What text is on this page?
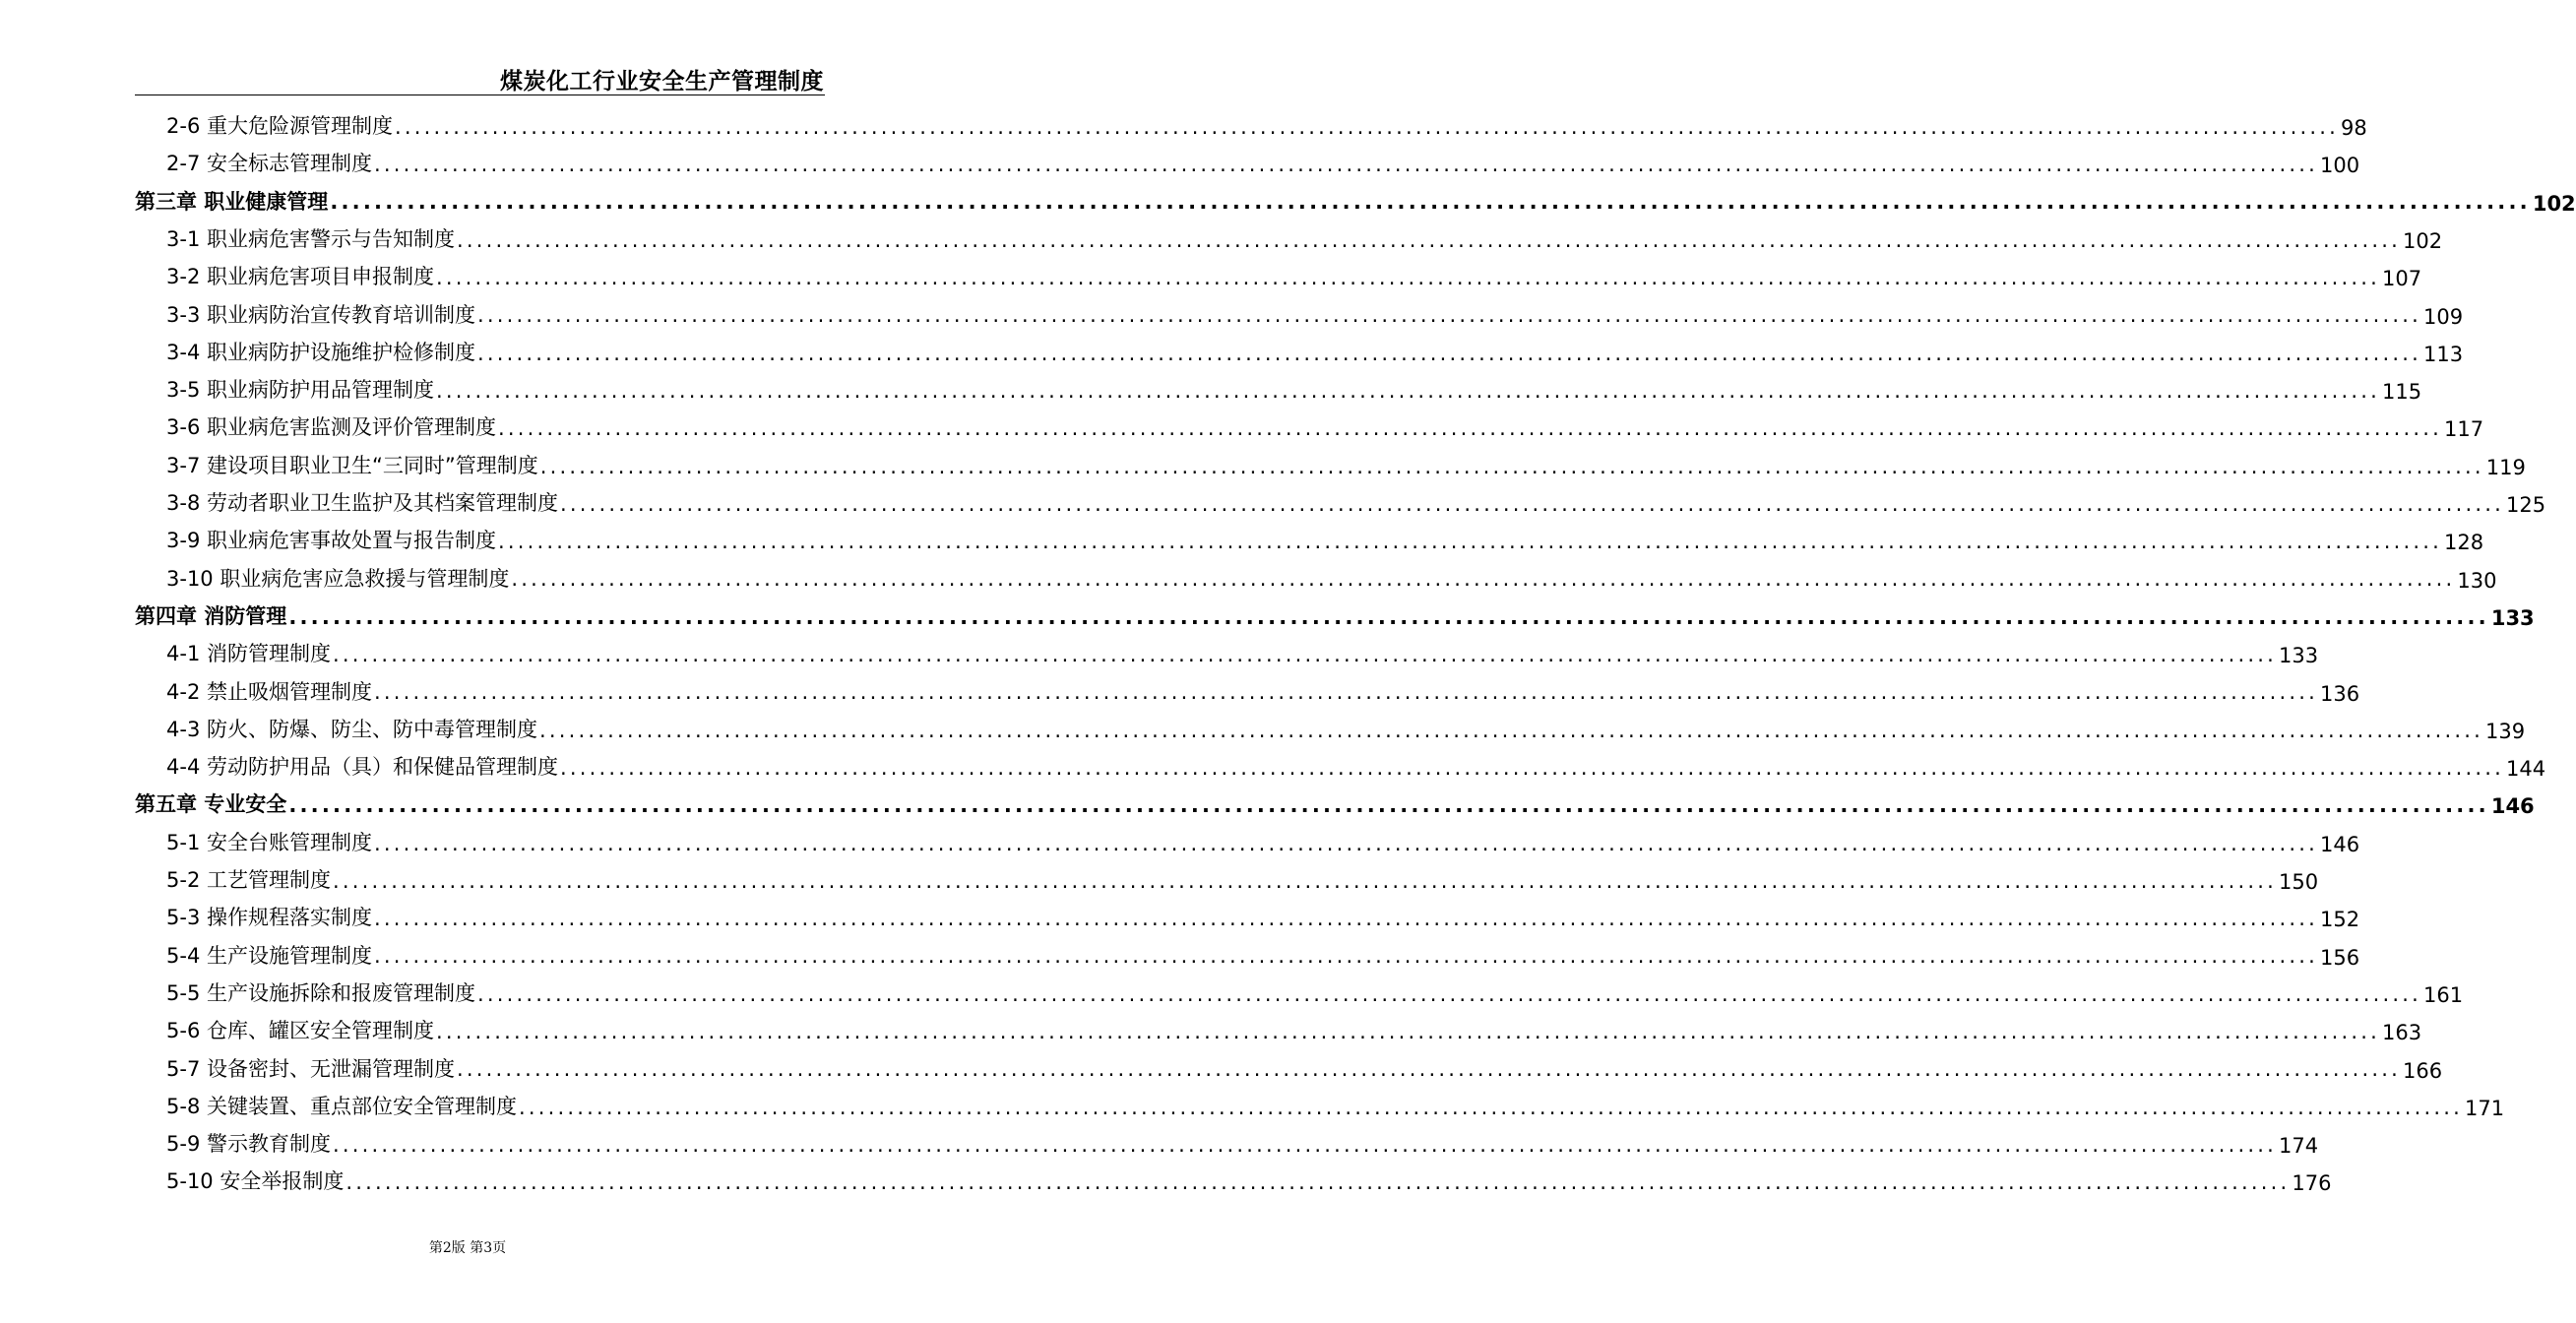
煤炭化工行业安全生产管理制度
2-6 重大危险源管理制度 ........................................................................................................................................................................................................ 98
2-7 安全标志管理制度 ........................................................................................................................................................................................................ 100
第三章 职业健康管理 ........................................................................................................................................................................................................ 102
3-1 职业病危害警示与告知制度 ........................................................................................................................................................................................................ 102
3-2 职业病危害项目申报制度 ........................................................................................................................................................................................................ 107
3-3 职业病防治宣传教育培训制度 ........................................................................................................................................................................................................ 109
3-4 职业病防护设施维护检修制度 ........................................................................................................................................................................................................ 113
3-5 职业病防护用品管理制度 ........................................................................................................................................................................................................ 115
3-6 职业病危害监测及评价管理制度 ........................................................................................................................................................................................................ 117
3-7 建设项目职业卫生“三同时”管理制度 ........................................................................................................................................................................................................ 119
3-8 劳动者职业卫生监护及其档案管理制度 ........................................................................................................................................................................................................ 125
3-9 职业病危害事故处置与报告制度 ........................................................................................................................................................................................................ 128
3-10 职业病危害应急救援与管理制度 ........................................................................................................................................................................................................ 130
第四章 消防管理 ........................................................................................................................................................................................................ 133
4-1 消防管理制度 ........................................................................................................................................................................................................ 133
4-2 禁止吸烟管理制度 ........................................................................................................................................................................................................ 136
4-3 防火、防爆、防尘、防中毒管理制度 ........................................................................................................................................................................................................ 139
4-4 劳动防护用品（具）和保健品管理制度 ........................................................................................................................................................................................................ 144
第五章 专业安全 ........................................................................................................................................................................................................ 146
5-1 安全台账管理制度 ........................................................................................................................................................................................................ 146
5-2 工艺管理制度 ........................................................................................................................................................................................................ 150
5-3 操作规程落实制度 ........................................................................................................................................................................................................ 152
5-4 生产设施管理制度 ........................................................................................................................................................................................................ 156
5-5 生产设施拆除和报废管理制度 ........................................................................................................................................................................................................ 161
5-6 仓库、罐区安全管理制度 ........................................................................................................................................................................................................ 163
5-7 设备密封、无泄漏管理制度 ........................................................................................................................................................................................................ 166
5-8 关键装置、重点部位安全管理制度 ........................................................................................................................................................................................................ 171
5-9 警示教育制度 ........................................................................................................................................................................................................ 174
5-10 安全举报制度 ........................................................................................................................................................................................................ 176
第2版 第3页
